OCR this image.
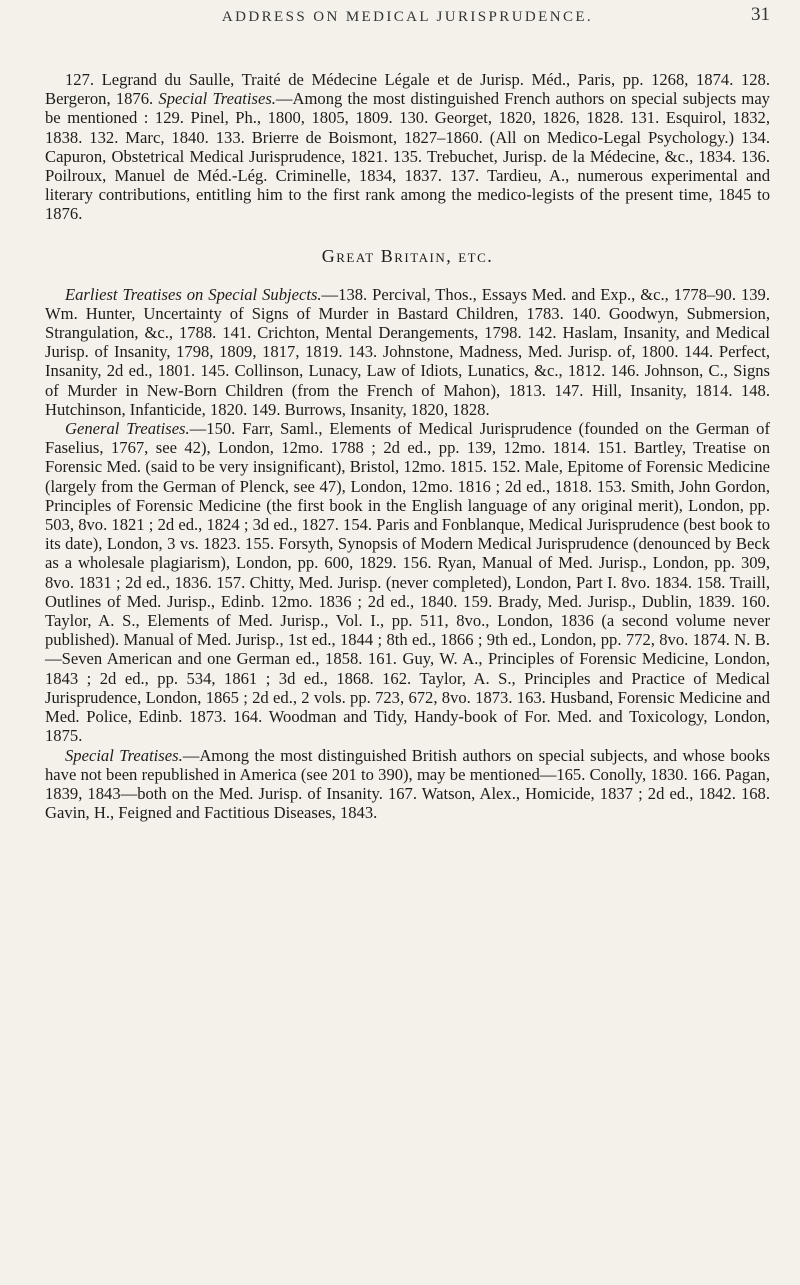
ADDRESS ON MEDICAL JURISPRUDENCE.	31

127. Legrand du Saulle, Traité de Médecine Légale et de Jurisp. Méd., Paris, pp. 1268, 1874. 128. Bergeron, 1876. Special Treatises.—Among the most distinguished French authors on special subjects may be mentioned : 129. Pinel, Ph., 1800, 1805, 1809. 130. Georget, 1820, 1826, 1828. 131. Esquirol, 1832, 1838. 132. Marc, 1840. 133. Brierre de Boismont, 1827–1860. (All on Medico-Legal Psychology.) 134. Capuron, Obstetrical Medical Jurisprudence, 1821. 135. Trebuchet, Jurisp. de la Médecine, &c., 1834. 136. Poilroux, Manuel de Méd.-Lég. Criminelle, 1834, 1837. 137. Tardieu, A., numerous experimental and literary contributions, entitling him to the first rank among the medico-legists of the present time, 1845 to 1876.

Great Britain, etc.

Earliest Treatises on Special Subjects.—138. Percival, Thos., Essays Med. and Exp., &c., 1778–90. 139. Wm. Hunter, Uncertainty of Signs of Murder in Bastard Children, 1783. 140. Goodwyn, Submersion, Strangulation, &c., 1788. 141. Crichton, Mental Derangements, 1798. 142. Haslam, Insanity, and Medical Jurisp. of Insanity, 1798, 1809, 1817, 1819. 143. Johnstone, Madness, Med. Jurisp. of, 1800. 144. Perfect, Insanity, 2d ed., 1801. 145. Collinson, Lunacy, Law of Idiots, Lunatics, &c., 1812. 146. Johnson, C., Signs of Murder in New-Born Children (from the French of Mahon), 1813. 147. Hill, Insanity, 1814. 148. Hutchinson, Infanticide, 1820. 149. Burrows, Insanity, 1820, 1828.

General Treatises.—150. Farr, Saml., Elements of Medical Jurisprudence (founded on the German of Faselius, 1767, see 42), London, 12mo. 1788 ; 2d ed., pp. 139, 12mo. 1814. 151. Bartley, Treatise on Forensic Med. (said to be very insignificant), Bristol, 12mo. 1815. 152. Male, Epitome of Forensic Medicine (largely from the German of Plenck, see 47), London, 12mo. 1816 ; 2d ed., 1818. 153. Smith, John Gordon, Principles of Forensic Medicine (the first book in the English language of any original merit), London, pp. 503, 8vo. 1821 ; 2d ed., 1824 ; 3d ed., 1827. 154. Paris and Fonblanque, Medical Jurisprudence (best book to its date), London, 3 vs. 1823. 155. Forsyth, Synopsis of Modern Medical Jurisprudence (denounced by Beck as a wholesale plagiarism), London, pp. 600, 1829. 156. Ryan, Manual of Med. Jurisp., London, pp. 309, 8vo. 1831 ; 2d ed., 1836. 157. Chitty, Med. Jurisp. (never completed), London, Part I. 8vo. 1834. 158. Traill, Outlines of Med. Jurisp., Edinb. 12mo. 1836 ; 2d ed., 1840. 159. Brady, Med. Jurisp., Dublin, 1839. 160. Taylor, A. S., Elements of Med. Jurisp., Vol. I., pp. 511, 8vo., London, 1836 (a second volume never published). Manual of Med. Jurisp., 1st ed., 1844 ; 8th ed., 1866 ; 9th ed., London, pp. 772, 8vo. 1874. N. B.—Seven American and one German ed., 1858. 161. Guy, W. A., Principles of Forensic Medicine, London, 1843 ; 2d ed., pp. 534, 1861 ; 3d ed., 1868. 162. Taylor, A. S., Principles and Practice of Medical Jurisprudence, London, 1865 ; 2d ed., 2 vols. pp. 723, 672, 8vo. 1873. 163. Husband, Forensic Medicine and Med. Police, Edinb. 1873. 164. Woodman and Tidy, Handy-book of For. Med. and Toxicology, London, 1875.

Special Treatises.—Among the most distinguished British authors on special subjects, and whose books have not been republished in America (see 201 to 390), may be mentioned—165. Conolly, 1830. 166. Pagan, 1839, 1843—both on the Med. Jurisp. of Insanity. 167. Watson, Alex., Homicide, 1837 ; 2d ed., 1842. 168. Gavin, H., Feigned and Factitious Diseases, 1843.
